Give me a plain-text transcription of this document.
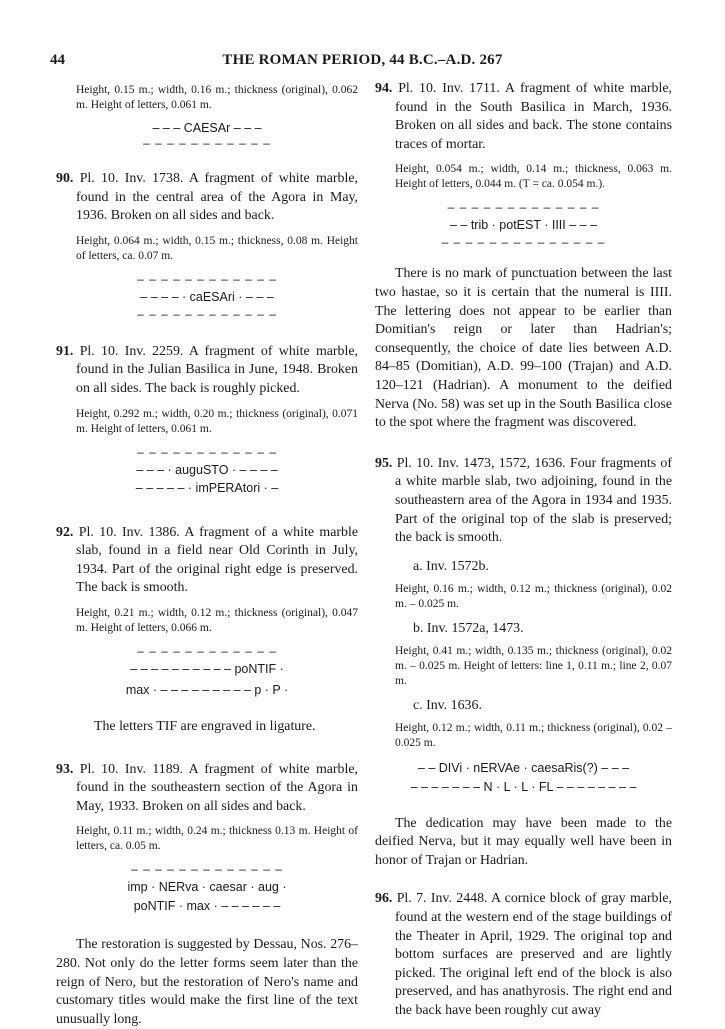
44	THE ROMAN PERIOD, 44 B.C.–A.D. 267

Height, 0.15 m.; width, 0.16 m.; thickness (original), 0.062 m. Height of letters, 0.061 m.

– – – CAESAr – – –

– – – – – – – – – – –

90. Pl. 10. Inv. 1738. A fragment of white marble, found in the central area of the Agora in May, 1936. Broken on all sides and back.

Height, 0.064 m.; width, 0.15 m.; thickness, 0.08 m. Height of letters, ca. 0.07 m.

– – – – – – – – – – – –

– – – – · caESAri · – – –

– – – – – – – – – – – –

91. Pl. 10. Inv. 2259. A fragment of white marble, found in the Julian Basilica in June, 1948. Broken on all sides. The back is roughly picked.

Height, 0.292 m.; width, 0.20 m.; thickness (original), 0.071 m. Height of letters, 0.061 m.

– – – – – – – – – – – –

– – – · auguSTO · – – – –

– – – – – · imPERAtori · –

92. Pl. 10. Inv. 1386. A fragment of a white marble slab, found in a field near Old Corinth in July, 1934. Part of the original right edge is preserved. The back is smooth.

Height, 0.21 m.; width, 0.12 m.; thickness (original), 0.047 m. Height of letters, 0.066 m.

– – – – – – – – – – – –

– – – – – – – – – – poNTIF ·

max · – – – – – – – – – p · P ·

The letters TIF are engraved in ligature.

93. Pl. 10. Inv. 1189. A fragment of white marble, found in the southeastern section of the Agora in May, 1933. Broken on all sides and back.

Height, 0.11 m.; width, 0.24 m.; thickness 0.13 m. Height of letters, ca. 0.05 m.

– – – – – – – – – – – – –

imp · NERva · caesar · aug ·

poNTIF · max · – – – – – –

The restoration is suggested by Dessau, Nos. 276–280. Not only do the letter forms seem later than the reign of Nero, but the restoration of Nero's name and customary titles would make the first line of the text unusually long.

94. Pl. 10. Inv. 1711. A fragment of white marble, found in the South Basilica in March, 1936. Broken on all sides and back. The stone contains traces of mortar.

Height, 0.054 m.; width, 0.14 m.; thickness, 0.063 m. Height of letters, 0.044 m. (T = ca. 0.054 m.).

– – – – – – – – – – – – –

– – trib · potEST · IIII – – –

– – – – – – – – – – – – – –

There is no mark of punctuation between the last two hastae, so it is certain that the numeral is IIII. The lettering does not appear to be earlier than Domitian's reign or later than Hadrian's; consequently, the choice of date lies between A.D. 84–85 (Domitian), A.D. 99–100 (Trajan) and A.D. 120–121 (Hadrian). A monument to the deified Nerva (No. 58) was set up in the South Basilica close to the spot where the fragment was discovered.

95. Pl. 10. Inv. 1473, 1572, 1636. Four fragments of a white marble slab, two adjoining, found in the southeastern area of the Agora in 1934 and 1935. Part of the original top of the slab is preserved; the back is smooth.

a. Inv. 1572b.

Height, 0.16 m.; width, 0.12 m.; thickness (original), 0.02 m. – 0.025 m.

b. Inv. 1572a, 1473.

Height, 0.41 m.; width, 0.135 m.; thickness (original), 0.02 m. – 0.025 m. Height of letters: line 1, 0.11 m.; line 2, 0.07 m.

c. Inv. 1636.

Height, 0.12 m.; width, 0.11 m.; thickness (original), 0.02 – 0.025 m.

– – DIVi · nERVAe · caesaRis(?) – – –

– – – – – – – N · L · L · FL – – – – – – – –

The dedication may have been made to the deified Nerva, but it may equally well have been in honor of Trajan or Hadrian.

96. Pl. 7. Inv. 2448. A cornice block of gray marble, found at the western end of the stage buildings of the Theater in April, 1929. The original top and bottom surfaces are preserved and are lightly picked. The original left end of the block is also preserved, and has anathyrosis. The right end and the back have been roughly cut away
